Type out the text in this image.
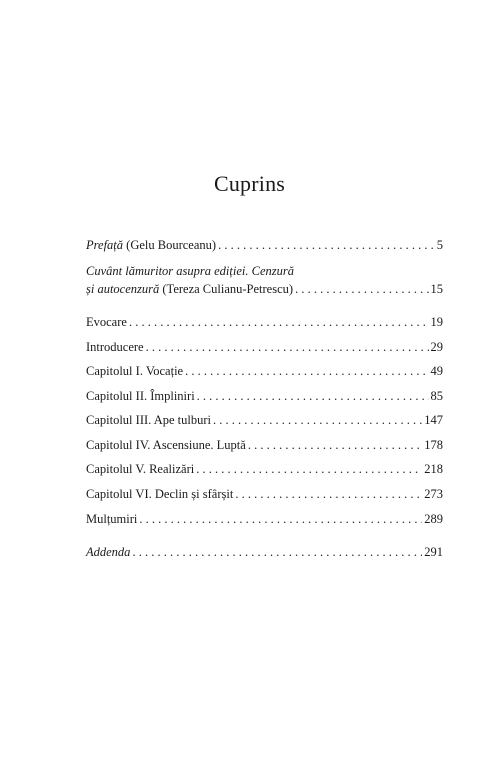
Cuprins
Prefață (Gelu Bourceanu) . . .	5
Cuvânt lămuritor asupra ediției. Cenzură
și autocenzură (Tereza Culianu-Petrescu) . . .	15
Evocare . . .	19
Introducere . . .	29
Capitolul I. Vocație . . .	49
Capitolul II. Împliniri . . .	85
Capitolul III. Ape tulburi . . .	147
Capitolul IV. Ascensiune. Luptă . . .	178
Capitolul V. Realizări . . .	218
Capitolul VI. Declin și sfârșit . . .	273
Mulțumiri . . .	289
Addenda . . .	291
